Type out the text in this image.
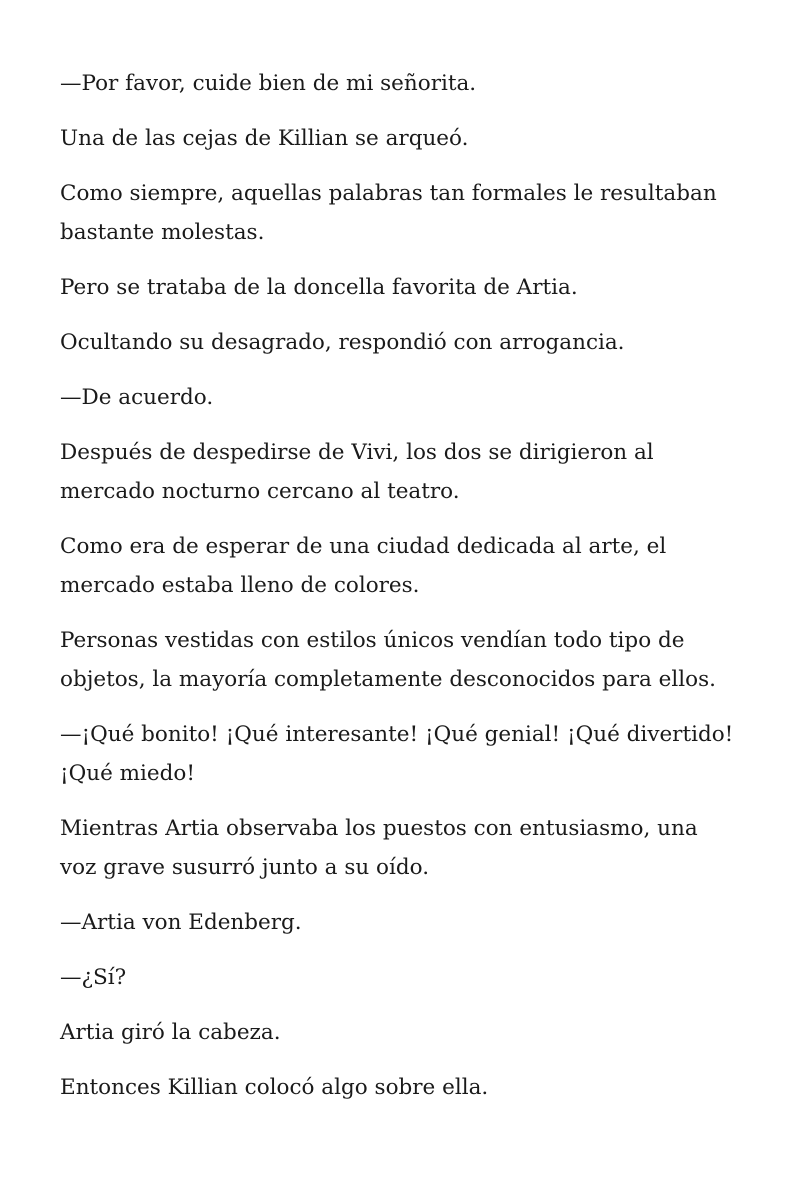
—Por favor, cuide bien de mi señorita.

Una de las cejas de Killian se arqueó.

Como siempre, aquellas palabras tan formales le resultaban bastante molestas.

Pero se trataba de la doncella favorita de Artia.

Ocultando su desagrado, respondió con arrogancia.

—De acuerdo.

Después de despedirse de Vivi, los dos se dirigieron al mercado nocturno cercano al teatro.

Como era de esperar de una ciudad dedicada al arte, el mercado estaba lleno de colores.

Personas vestidas con estilos únicos vendían todo tipo de objetos, la mayoría completamente desconocidos para ellos.

—¡Qué bonito! ¡Qué interesante! ¡Qué genial! ¡Qué divertido! ¡Qué miedo!

Mientras Artia observaba los puestos con entusiasmo, una voz grave susurró junto a su oído.

—Artia von Edenberg.

—¿Sí?

Artia giró la cabeza.

Entonces Killian colocó algo sobre ella.
